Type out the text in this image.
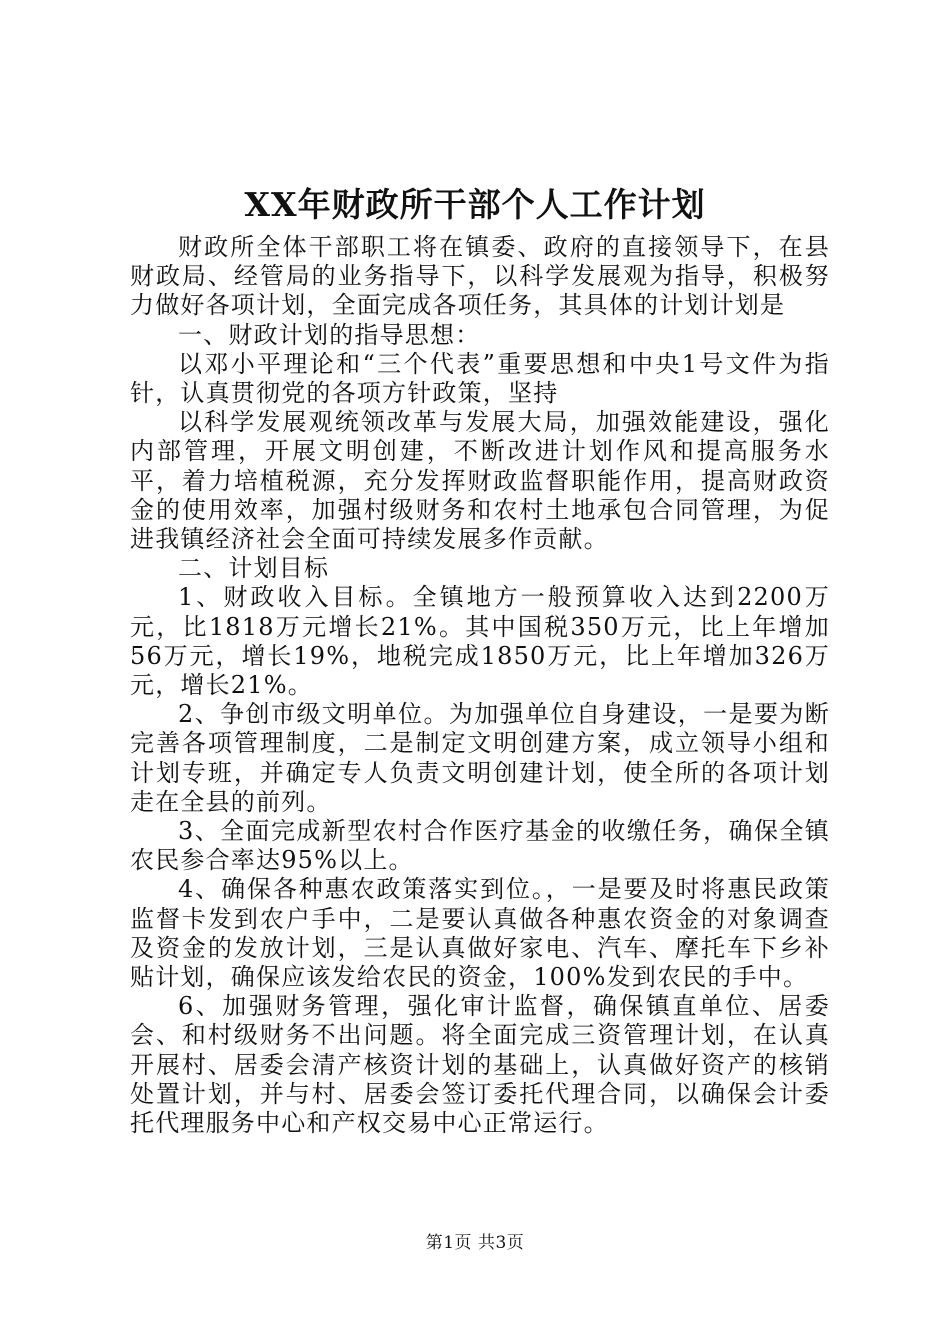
XX年财政所干部个人工作计划

财政所全体干部职工将在镇委、政府的直接领导下，在县财政局、经管局的业务指导下，以科学发展观为指导，积极努力做好各项计划，全面完成各项任务，其具体的计划计划是

一、财政计划的指导思想：

以邓小平理论和“三个代表”重要思想和中央1号文件为指针，认真贯彻党的各项方针政策，坚持

以科学发展观统领改革与发展大局，加强效能建设，强化内部管理，开展文明创建，不断改进计划作风和提高服务水平，着力培植税源，充分发挥财政监督职能作用，提高财政资金的使用效率，加强村级财务和农村土地承包合同管理，为促进我镇经济社会全面可持续发展多作贡献。

二、计划目标

1、财政收入目标。全镇地方一般预算收入达到2200万元，比1818万元增长21%。其中国税350万元，比上年增加56万元，增长19%，地税完成1850万元，比上年增加326万元，增长21%。

2、争创市级文明单位。为加强单位自身建设，一是要为断完善各项管理制度，二是制定文明创建方案，成立领导小组和计划专班，并确定专人负责文明创建计划，使全所的各项计划走在全县的前列。

3、全面完成新型农村合作医疗基金的收缴任务，确保全镇农民参合率达95%以上。

4、确保各种惠农政策落实到位。，一是要及时将惠民政策监督卡发到农户手中，二是要认真做各种惠农资金的对象调查及资金的发放计划，三是认真做好家电、汽车、摩托车下乡补贴计划，确保应该发给农民的资金，100%发到农民的手中。

6、加强财务管理，强化审计监督，确保镇直单位、居委会、和村级财务不出问题。将全面完成三资管理计划，在认真开展村、居委会清产核资计划的基础上，认真做好资产的核销处置计划，并与村、居委会签订委托代理合同，以确保会计委托代理服务中心和产权交易中心正常运行。

第1页 共3页
